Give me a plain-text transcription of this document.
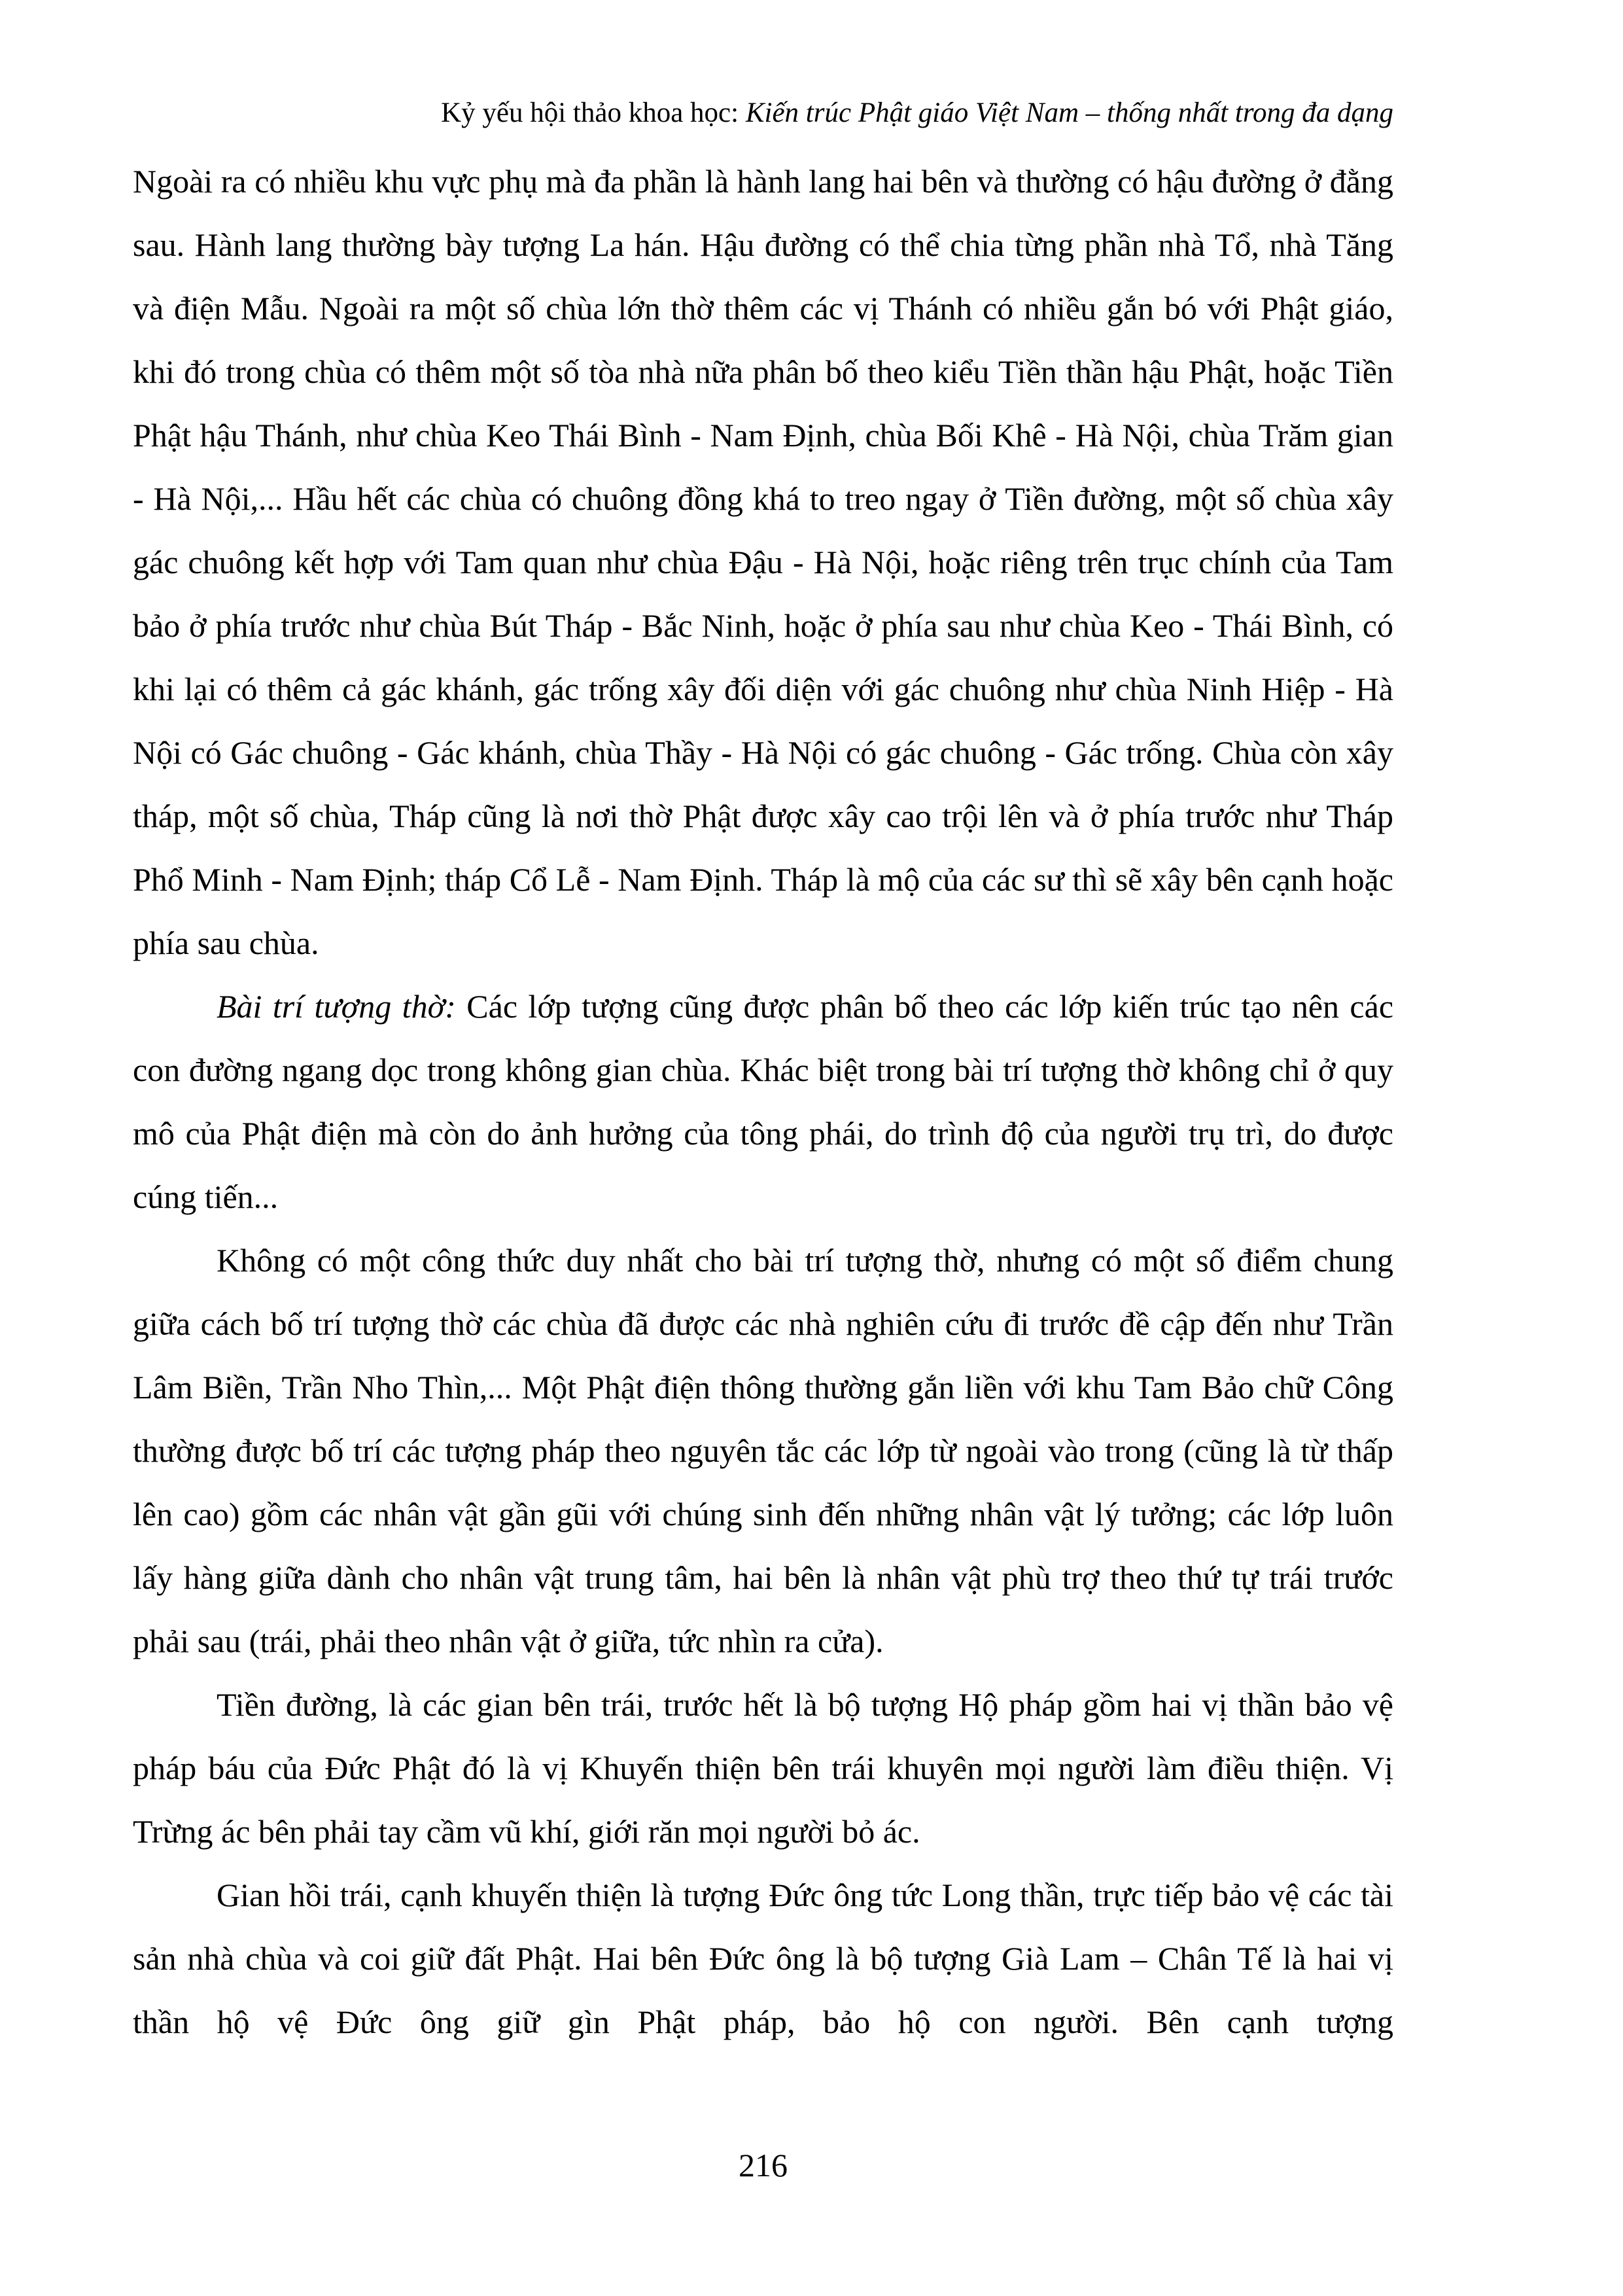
Kỷ yếu hội thảo khoa học: Kiến trúc Phật giáo Việt Nam – thống nhất trong đa dạng

Ngoài ra có nhiều khu vực phụ mà đa phần là hành lang hai bên và thường có hậu đường ở đằng sau. Hành lang thường bày tượng La hán. Hậu đường có thể chia từng phần nhà Tổ, nhà Tăng và điện Mẫu. Ngoài ra một số chùa lớn thờ thêm các vị Thánh có nhiều gắn bó với Phật giáo, khi đó trong chùa có thêm một số tòa nhà nữa phân bố theo kiểu Tiền thần hậu Phật, hoặc Tiền Phật hậu Thánh, như chùa Keo Thái Bình - Nam Định, chùa Bối Khê - Hà Nội, chùa Trăm gian - Hà Nội,... Hầu hết các chùa có chuông đồng khá to treo ngay ở Tiền đường, một số chùa xây gác chuông kết hợp với Tam quan như chùa Đậu - Hà Nội, hoặc riêng trên trục chính của Tam bảo ở phía trước như chùa Bút Tháp - Bắc Ninh, hoặc ở phía sau như chùa Keo - Thái Bình, có khi lại có thêm cả gác khánh, gác trống xây đối diện với gác chuông như chùa Ninh Hiệp - Hà Nội có Gác chuông - Gác khánh, chùa Thầy - Hà Nội có gác chuông - Gác trống. Chùa còn xây tháp, một số chùa, Tháp cũng là nơi thờ Phật được xây cao trội lên và ở phía trước như Tháp Phổ Minh - Nam Định; tháp Cổ Lễ - Nam Định. Tháp là mộ của các sư thì sẽ xây bên cạnh hoặc phía sau chùa.

Bài trí tượng thờ: Các lớp tượng cũng được phân bố theo các lớp kiến trúc tạo nên các con đường ngang dọc trong không gian chùa. Khác biệt trong bài trí tượng thờ không chỉ ở quy mô của Phật điện mà còn do ảnh hưởng của tông phái, do trình độ của người trụ trì, do được cúng tiến...

Không có một công thức duy nhất cho bài trí tượng thờ, nhưng có một số điểm chung giữa cách bố trí tượng thờ các chùa đã được các nhà nghiên cứu đi trước đề cập đến như Trần Lâm Biền, Trần Nho Thìn,... Một Phật điện thông thường gắn liền với khu Tam Bảo chữ Công thường được bố trí các tượng pháp theo nguyên tắc các lớp từ ngoài vào trong (cũng là từ thấp lên cao) gồm các nhân vật gần gũi với chúng sinh đến những nhân vật lý tưởng; các lớp luôn lấy hàng giữa dành cho nhân vật trung tâm, hai bên là nhân vật phù trợ theo thứ tự trái trước phải sau (trái, phải theo nhân vật ở giữa, tức nhìn ra cửa).

Tiền đường, là các gian bên trái, trước hết là bộ tượng Hộ pháp gồm hai vị thần bảo vệ pháp báu của Đức Phật đó là vị Khuyến thiện bên trái khuyên mọi người làm điều thiện. Vị Trừng ác bên phải tay cầm vũ khí, giới răn mọi người bỏ ác.

Gian hồi trái, cạnh khuyến thiện là tượng Đức ông tức Long thần, trực tiếp bảo vệ các tài sản nhà chùa và coi giữ đất Phật. Hai bên Đức ông là bộ tượng Già Lam – Chân Tế là hai vị thần hộ vệ Đức ông giữ gìn Phật pháp, bảo hộ con người. Bên cạnh tượng

216
